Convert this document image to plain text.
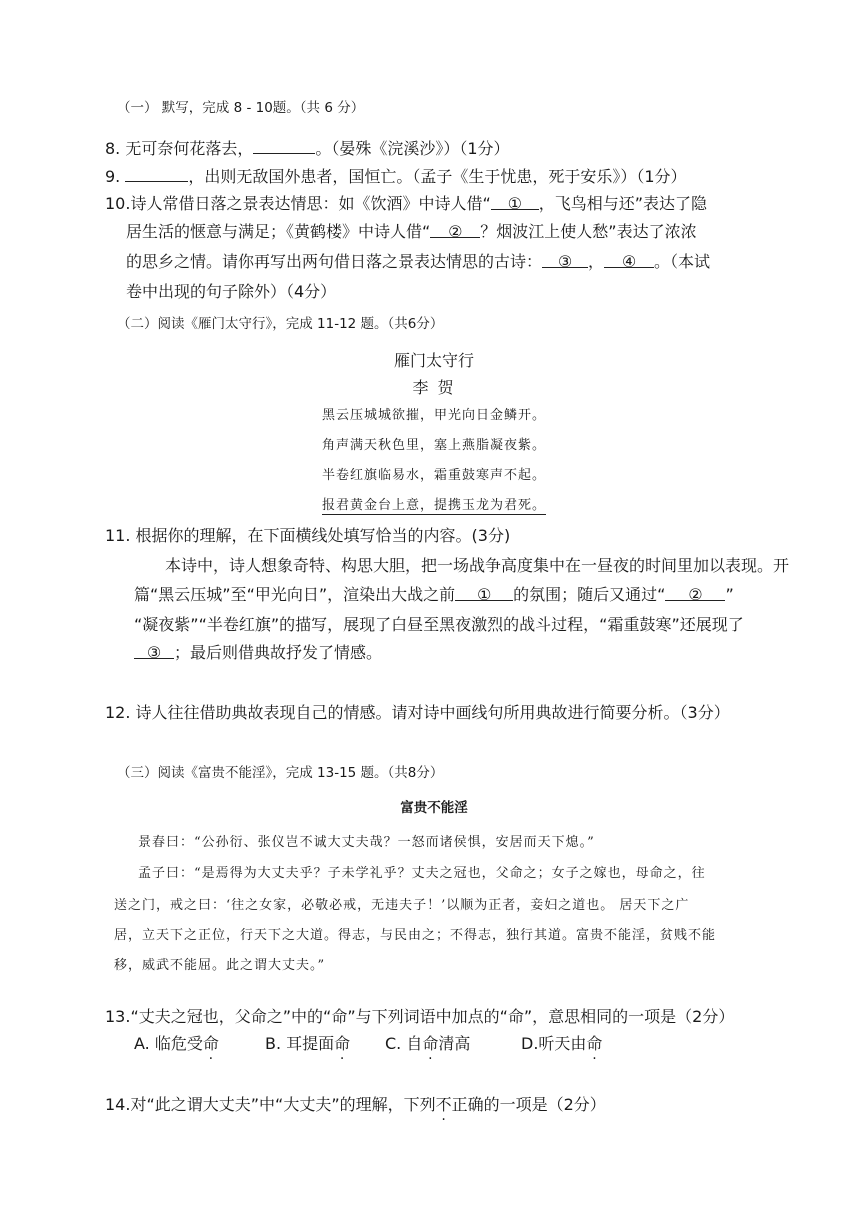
（一） 默写，完成 8 - 10题。（共 6 分）
8. 无可奈何花落去，	。（晏殊《浣溪沙》）（1分）
9.	，出则无敌国外患者，国恒亡。（孟子《生于忧患，死于安乐》）（1分）
10.诗人常借日落之景表达情思：如《饮酒》中诗人借“ ① ，飞鸟相与还”表达了隐
居生活的惬意与满足；《黄鹤楼》中诗人借“ ② ？烟波江上使人愁”表达了浓浓
的思乡之情。请你再写出两句借日落之景表达情思的古诗： ③ ， ④ 。（本试
卷中出现的句子除外）（4分）
（二）阅读《雁门太守行》，完成 11-12 题。（共6分）
雁门太守行
李 贺
黑云压城城欲摧，甲光向日金鳞开。
角声满天秋色里，塞上燕脂凝夜紫。
半卷红旗临易水，霜重鼓寒声不起。
报君黄金台上意，提携玉龙为君死。
11. 根据你的理解，在下面横线处填写恰当的内容。(3分)
本诗中，诗人想象奇特、构思大胆，把一场战争高度集中在一昼夜的时间里加以表现。开
篇“黑云压城”至“甲光向日”，渲染出大战之前 ① 的氛围；随后又通过“ ② ”
“凝夜紫”“半卷红旗”的描写，展现了白昼至黑夜激烈的战斗过程，“霜重鼓寒”还展现了
③ ；最后则借典故抒发了情感。
12. 诗人往往借助典故表现自己的情感。请对诗中画线句所用典故进行简要分析。（3分）
（三）阅读《富贵不能淫》，完成 13-15 题。（共8分）
富贵不能淫
景春曰：“公孙衍、张仪岂不诚大丈夫哉？一怒而诸侯惧，安居而天下熄。”
孟子曰：“是焉得为大丈夫乎？子未学礼乎？丈夫之冠也，父命之；女子之嫁也，母命之，往
送之门，戒之曰：‘往之女家，必敬必戒，无违夫子！’以顺为正者，妾妇之道也。 居天下之广
居，立天下之正位，行天下之大道。得志，与民由之；不得志，独行其道。富贵不能淫，贫贱不能
移，威武不能屈。此之谓大丈夫。”
13.“丈夫之冠也，父命之”中的“命”与下列词语中加点的“命”，意思相同的一项是（2分）
A. 临危受命	B. 耳提面命 C. 自命清高	D.听天由命
14.对“此之谓大丈夫”中“大丈夫”的理解，下列不正确的一项是（2分）
